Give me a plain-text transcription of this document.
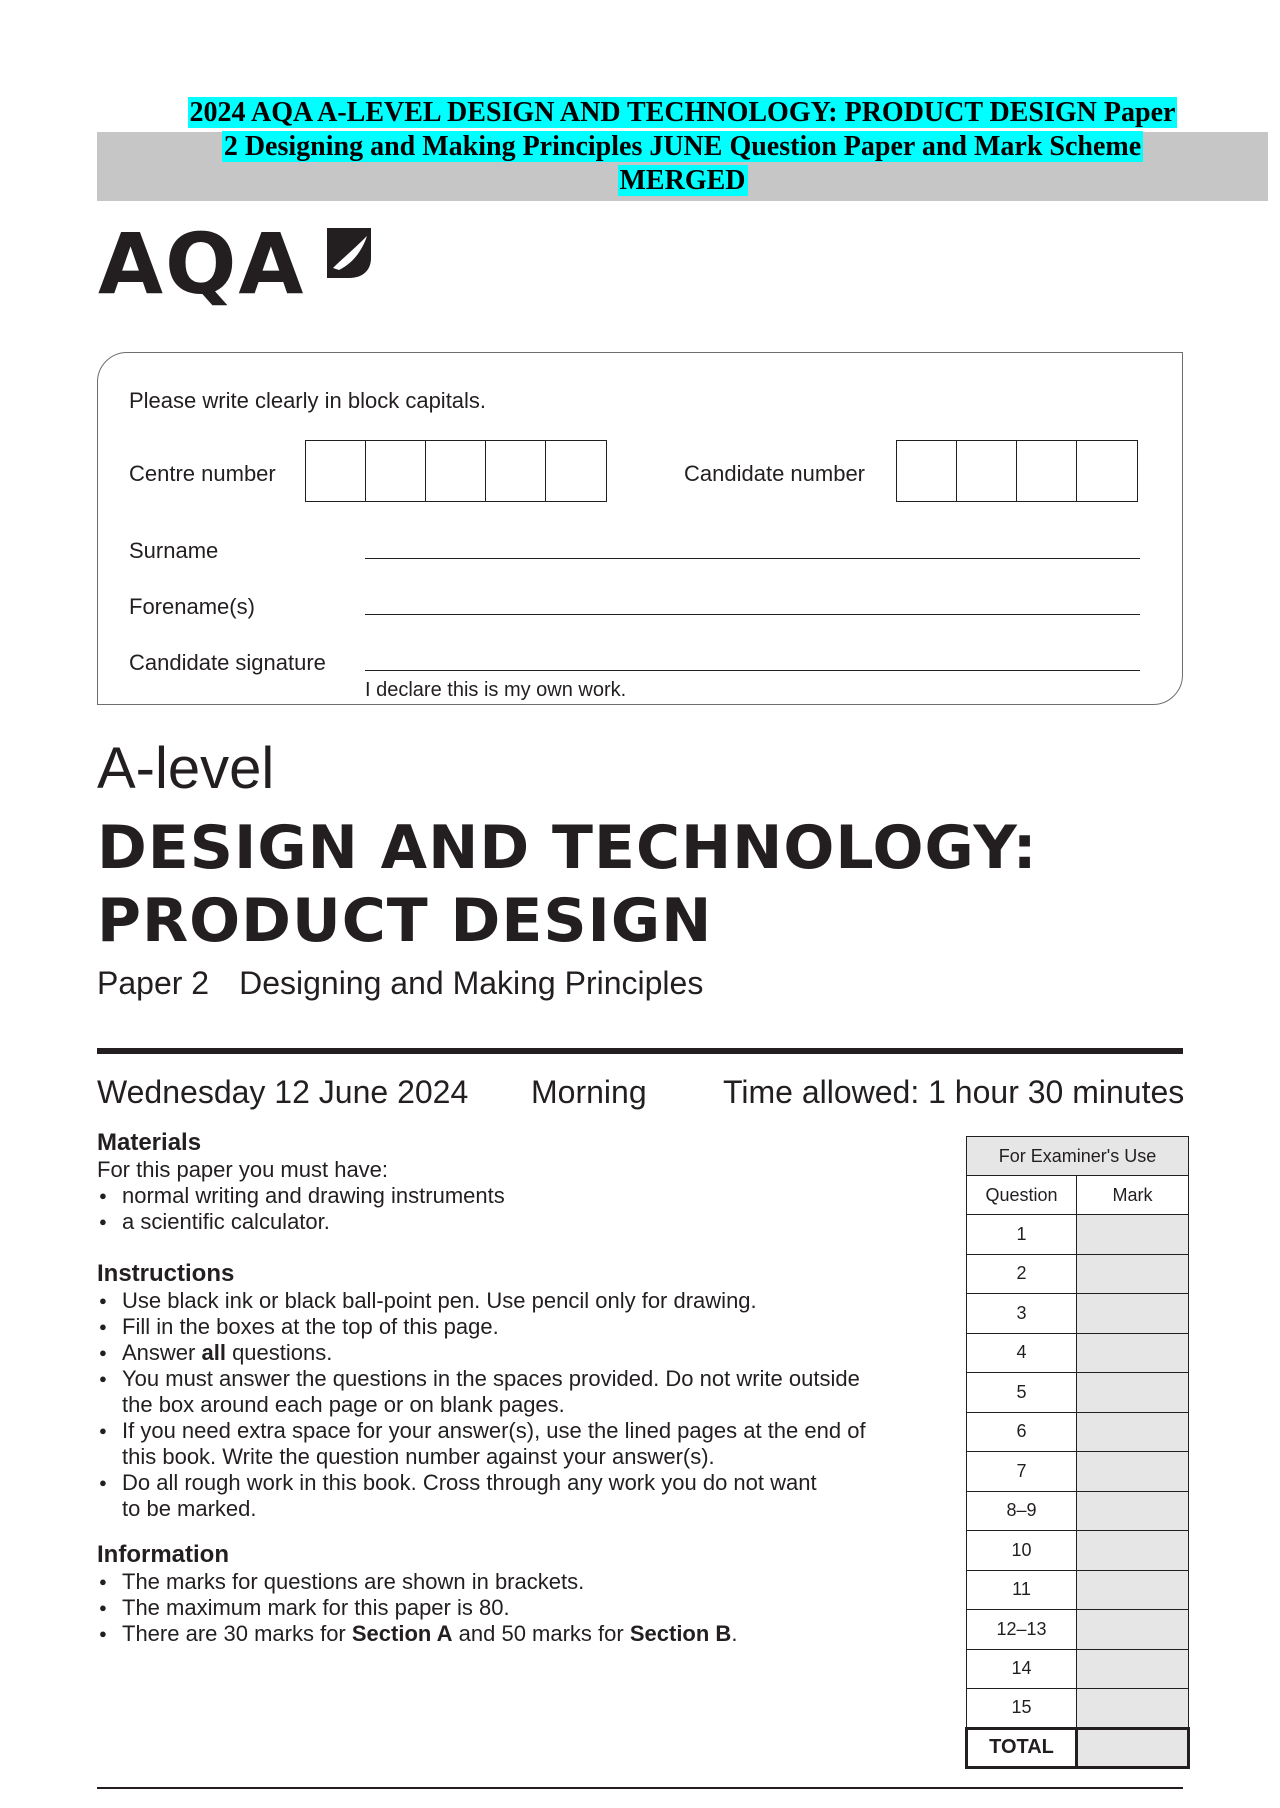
2024 AQA A-LEVEL DESIGN AND TECHNOLOGY: PRODUCT DESIGN Paper
2 Designing and Making Principles JUNE Question Paper and Mark Scheme
MERGED
AQA
Please write clearly in block capitals.
Centre number	Candidate number
Surname
Forename(s)
Candidate signature
I declare this is my own work.
A-level
DESIGN AND TECHNOLOGY:
PRODUCT DESIGN
Paper 2 Designing and Making Principles
Wednesday 12 June 2024 Morning Time allowed: 1 hour 30 minutes
Materials
For this paper you must have:
● normal writing and drawing instruments
● a scientific calculator.
Instructions
● Use black ink or black ball-point pen. Use pencil only for drawing.
● Fill in the boxes at the top of this page.
● Answer all questions.
● You must answer the questions in the spaces provided. Do not write outside
the box around each page or on blank pages.
● If you need extra space for your answer(s), use the lined pages at the end of
this book. Write the question number against your answer(s).
● Do all rough work in this book. Cross through any work you do not want
to be marked.
Information
● The marks for questions are shown in brackets.
● The maximum mark for this paper is 80.
● There are 30 marks for Section A and 50 marks for Section B.
For Examiner's Use	
Question	Mark
1	
2	
3	
4	
5	
6	
7	
8–9	
10	
11	
12–13	
14	
15	
TOTAL	
